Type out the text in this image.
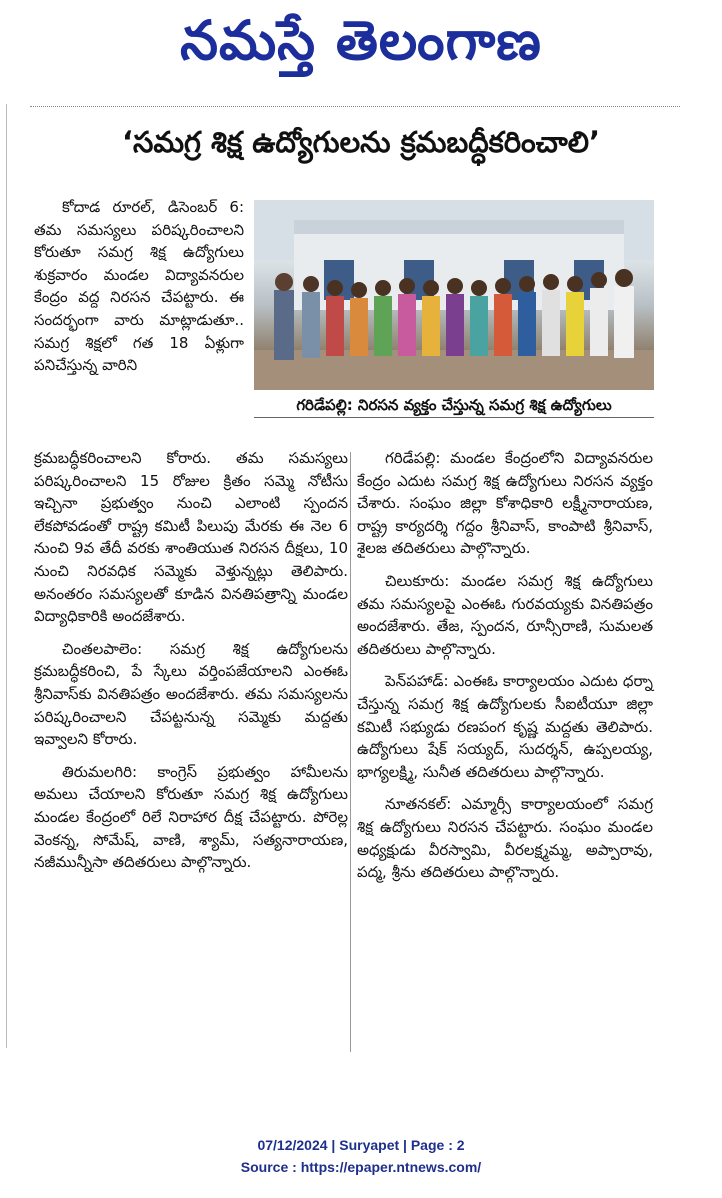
నమస్తే తెలంగాణ
‘సమగ్ర శిక్ష ఉద్యోగులను క్రమబద్ధీకరించాలి’
గరిడేపల్లి: నిరసన వ్యక్తం చేస్తున్న సమగ్ర శిక్ష ఉద్యోగులు

కోదాడ రూరల్‌, డిసెంబర్‌ 6: తమ సమస్యలు పరిష్కరించాలని కోరుతూ సమగ్ర శిక్ష ఉద్యోగులు శుక్రవారం మండల విద్యావనరుల కేంద్రం వద్ద నిరసన చేపట్టారు. ఈ సందర్భంగా వారు మాట్లాడుతూ.. సమగ్ర శిక్షలో గత 18 ఏళ్లుగా పనిచేస్తున్న వారిని

క్రమబద్ధీకరించాలని కోరారు. తమ సమస్యలు పరిష్కరించాలని 15 రోజుల క్రితం సమ్మె నోటీసు ఇచ్చినా ప్రభుత్వం నుంచి ఎలాంటి స్పందన లేకపోవడంతో రాష్ట్ర కమిటీ పిలుపు మేరకు ఈ నెల 6 నుంచి 9వ తేదీ వరకు శాంతియుత నిరసన దీక్షలు, 10 నుంచి నిరవధిక సమ్మెకు వెళ్తున్నట్లు తెలిపారు. అనంతరం సమస్యలతో కూడిన వినతిపత్రాన్ని మండల విద్యాధికారికి అందజేశారు.

చింతలపాలెం: సమగ్ర శిక్ష ఉద్యోగులను క్రమబద్ధీకరించి, పే స్కేలు వర్తింపజేయాలని ఎంఈఓ శ్రీనివాస్‌కు వినతిపత్రం అందజేశారు. తమ సమస్యలను పరిష్కరించాలని చేపట్టనున్న సమ్మెకు మద్దతు ఇవ్వాలని కోరారు.

తిరుమలగిరి: కాంగ్రెస్‌ ప్రభుత్వం హామీలను అమలు చేయాలని కోరుతూ సమగ్ర శిక్ష ఉద్యోగులు మండల కేంద్రంలో రిలే నిరాహార దీక్ష చేపట్టారు. పోరెల్ల వెంకన్న, సోమేష్‌, వాణి, శ్యామ్‌, సత్యనారాయణ, నజీమున్నీసా తదితరులు పాల్గొన్నారు.

గరిడేపల్లి: మండల కేంద్రంలోని విద్యావనరుల కేంద్రం ఎదుట సమగ్ర శిక్ష ఉద్యోగులు నిరసన వ్యక్తం చేశారు. సంఘం జిల్లా కోశాధికారి లక్ష్మీనారాయణ, రాష్ట్ర కార్యదర్శి గద్దం శ్రీనివాస్‌, కాంపాటి శ్రీనివాస్‌, శైలజ తదితరులు పాల్గొన్నారు.

చిలుకూరు: మండల సమగ్ర శిక్ష ఉద్యోగులు తమ సమస్యలపై ఎంఈఓ గురవయ్యకు వినతిపత్రం అందజేశారు. తేజ, స్పందన, రూన్సీరాణి, సుమలత తదితరులు పాల్గొన్నారు.

పెన్‌పహాడ్‌: ఎంఈఓ కార్యాలయం ఎదుట ధర్నా చేస్తున్న సమగ్ర శిక్ష ఉద్యోగులకు సీఐటీయూ జిల్లా కమిటీ సభ్యుడు రణపంగ కృష్ణ మద్దతు తెలిపారు. ఉద్యోగులు షేక్‌ సయ్యద్‌, సుదర్శన్‌, ఉప్పలయ్య, భాగ్యలక్ష్మి, సునీత తదితరులు పాల్గొన్నారు.

నూతనకల్‌: ఎమ్మార్సీ కార్యాలయంలో సమగ్ర శిక్ష ఉద్యోగులు నిరసన చేపట్టారు. సంఘం మండల అధ్యక్షుడు వీరస్వామి, వీరలక్ష్మమ్మ, అప్పారావు, పద్మ, శ్రీను తదితరులు పాల్గొన్నారు.

07/12/2024 | Suryapet | Page : 2
Source : https://epaper.ntnews.com/
